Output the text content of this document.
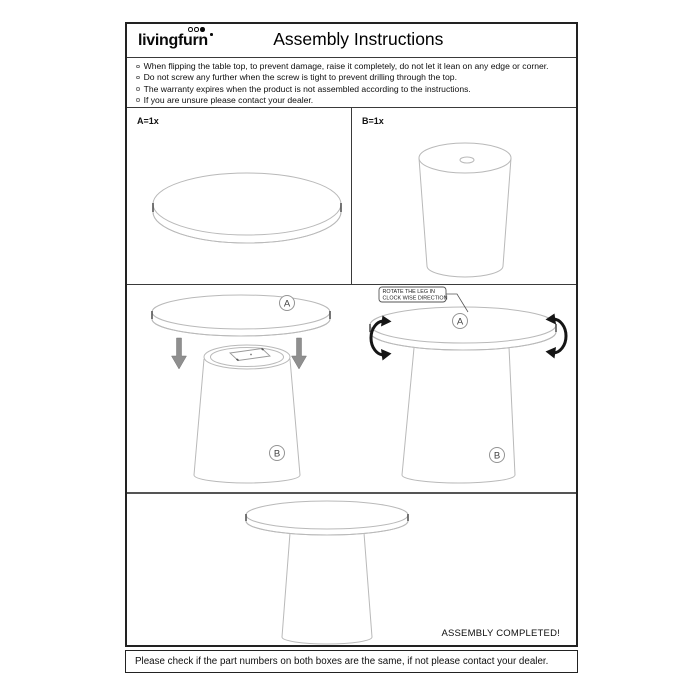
livingfurn	Assembly Instructions
When flipping the table top, to prevent damage, raise it completely, do not let it lean on any edge or corner.
Do not screw any further when the screw is tight to prevent drilling through the top.
The warranty expires when the product is not assembled according to the instructions.
If you are unsure please contact your dealer.
A=1x	B=1x
A
B
ROTATE THE LEG IN
CLOCK WISE DIRECTION
A
B
ASSEMBLY COMPLETED!
Please check if the part numbers on both boxes are the same, if not please contact your dealer.
